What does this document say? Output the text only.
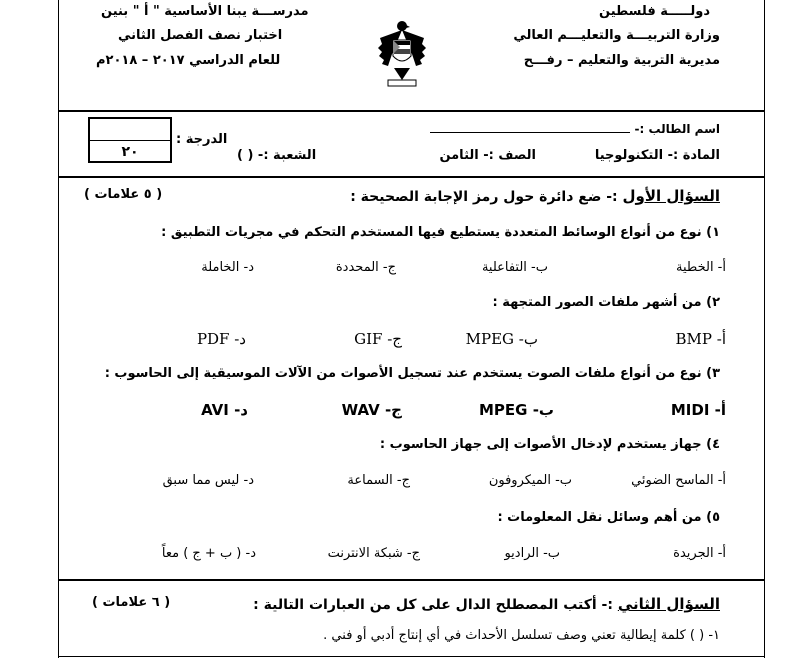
دولـــــة فلسطين
وزارة التربيـــة والتعليـــم العالي
مديرية التربية والتعليم – رفـــح
مدرســـة يبنا الأساسية " أ " بنين
اختبار نصف الفصل الثاني
للعام الدراسي ٢٠١٧ – ٢٠١٨م
اسم الطالب :-
المادة :- التكنولوجيا
الصف :- الثامن
الشعبة :- ( )
الدرجة :
٢٠
السؤال الأول :- ضع دائرة حول رمز الإجابة الصحيحة :
( ٥ علامات )
١) نوع من أنواع الوسائط المتعددة يستطيع فيها المستخدم التحكم في مجريات التطبيق :
أ- الخطية
ب- التفاعلية
ج- المحددة
د- الخاملة
٢) من أشهر ملفات الصور المتجهة :
أ- BMP
ب- MPEG
ج- GIF
د- PDF
٣) نوع من أنواع ملفات الصوت يستخدم عند تسجيل الأصوات من الآلات الموسيقية إلى الحاسوب :
أ- MIDI
ب- MPEG
ج- WAV
د- AVI
٤) جهاز يستخدم لإدخال الأصوات إلى جهاز الحاسوب :
أ- الماسح الضوئي
ب- الميكروفون
ج- السماعة
د- ليس مما سبق
٥) من أهم وسائل نقل المعلومات :
أ- الجريدة
ب- الراديو
ج- شبكة الانترنت
د- ( ب + ج ) معاً
السؤال الثاني :- أكتب المصطلح الدال على كل من العبارات التالية :
( ٦ علامات )
١- ( ) كلمة إيطالية تعني وصف تسلسل الأحداث في أي إنتاج أدبي أو فني .
